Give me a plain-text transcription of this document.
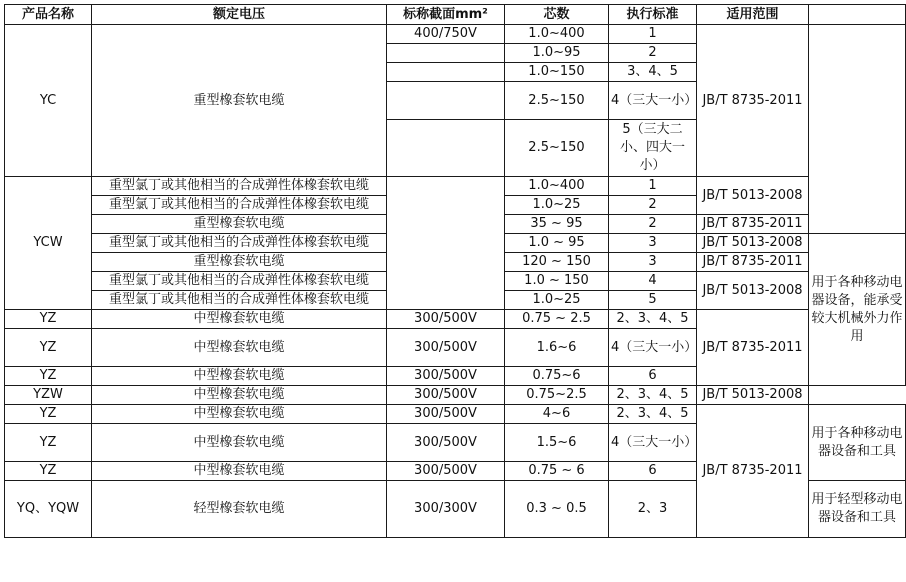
产品名称	额定电压	标称截面mm²	芯数	执行标准	适用范围	
YC	重型橡套软电缆	400/750V	1.0~400	1	JB/T 8735-2011	
			1.0~95	2		
			1.0~150	3、4、5		
			2.5~150	4（三大一小）		
			2.5~150	5（三大二小、四大一小）		
YCW	重型氯丁或其他相当的合成弹性体橡套软电缆		1.0~400	1	JB/T 5013-2008	
	重型氯丁或其他相当的合成弹性体橡套软电缆		1.0~25	2		
	重型橡套软电缆		35 ~ 95	2	JB/T 8735-2011	
	重型氯丁或其他相当的合成弹性体橡套软电缆		1.0 ~ 95	3	JB/T 5013-2008	用于各种移动电器设备，能承受较大机械外力作用
	重型橡套软电缆		120 ~ 150	3	JB/T 8735-2011	
	重型氯丁或其他相当的合成弹性体橡套软电缆		1.0 ~ 150	4	JB/T 5013-2008	
	重型氯丁或其他相当的合成弹性体橡套软电缆		1.0~25	5		
YZ	中型橡套软电缆	300/500V	0.75 ~ 2.5	2、3、4、5	JB/T 8735-2011	
YZ	中型橡套软电缆	300/500V	1.6~6	4（三大一小）		
YZ	中型橡套软电缆	300/500V	0.75~6	6		
YZW	中型橡套软电缆	300/500V	0.75~2.5	2、3、4、5	JB/T 5013-2008	
YZ	中型橡套软电缆	300/500V	4~6	2、3、4、5	JB/T 8735-2011	用于各种移动电器设备和工具
YZ	中型橡套软电缆	300/500V	1.5~6	4（三大一小）		
YZ	中型橡套软电缆	300/500V	0.75 ~ 6	6		
YQ、YQW	轻型橡套软电缆	300/300V	0.3 ~ 0.5	2、3		用于轻型移动电器设备和工具
